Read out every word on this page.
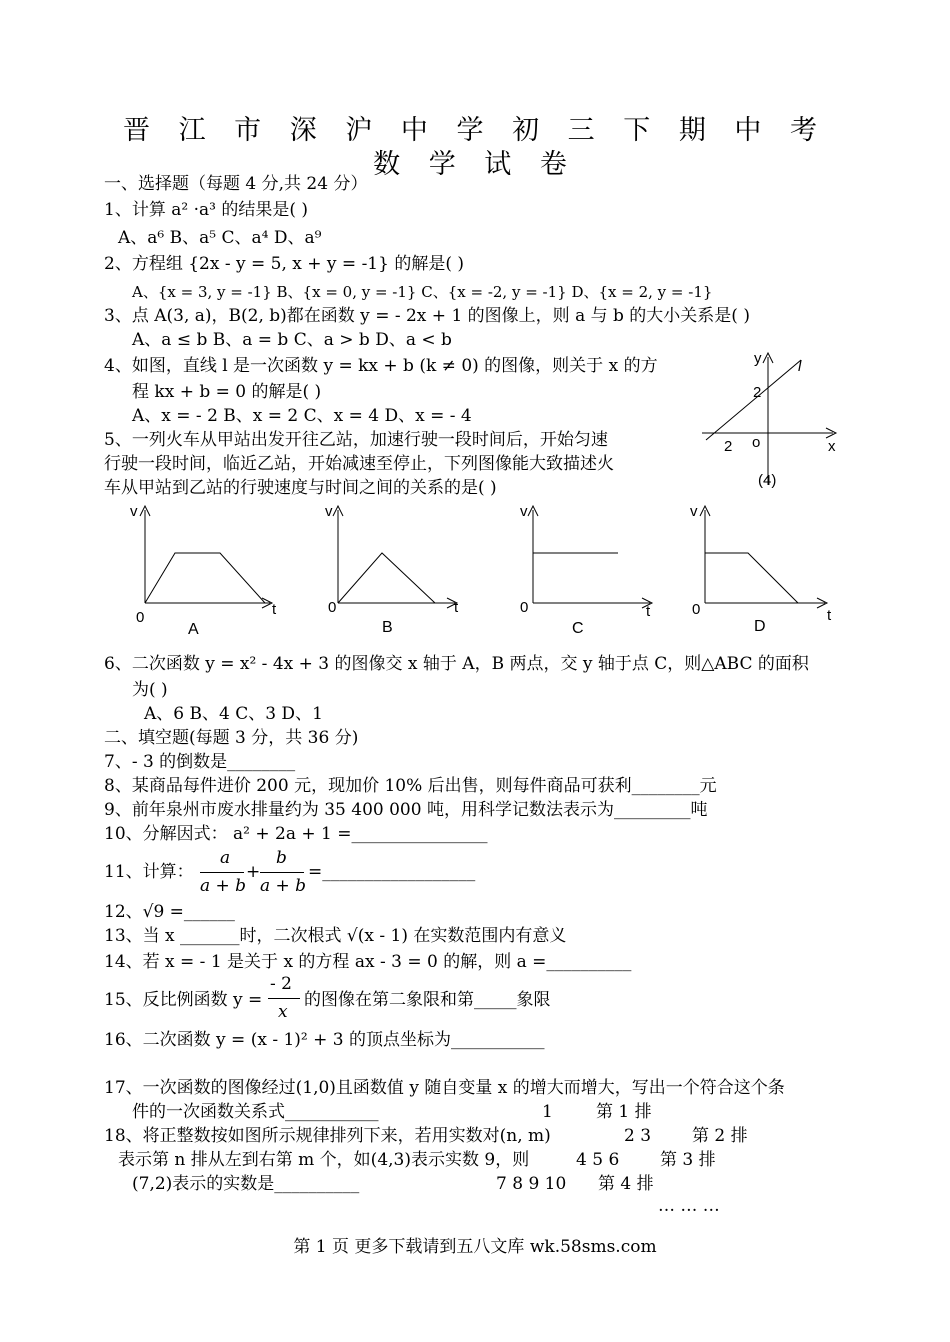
晋 江 市 深 沪 中 学 初 三 下 期 中 考
数 学 试 卷
一、选择题（每题 4 分,共 24 分）
1、计算 a² ·a³ 的结果是( )
A、a⁶ B、a⁵ C、a⁴ D、a⁹
2、方程组 {2x - y = 5, x + y = -1} 的解是( )
A、{x = 3, y = -1} B、{x = 0, y = -1} C、{x = -2, y = -1} D、{x = 2, y = -1}
3、点 A(3, a)，B(2, b)都在函数 y = - 2x + 1 的图像上，则 a 与 b 的大小关系是( )
A、a ≤ b B、a = b C、a > b D、a < b
4、如图，直线 l 是一次函数 y = kx + b (k ≠ 0) 的图像，则关于 x 的方
程 kx + b = 0 的解是( )
A、x = - 2 B、x = 2 C、x = 4 D、x = - 4
y l
2
2 o	x
(4)
5、一列火车从甲站出发开往乙站，加速行驶一段时间后，开始匀速
行驶一段时间，临近乙站，开始减速至停止，下列图像能大致描述火
车从甲站到乙站的行驶速度与时间之间的关系的是( )
v
0	t
A
v
0	t
B
v
0	t
C
v
0	t
D
6、二次函数 y = x² - 4x + 3 的图像交 x 轴于 A，B 两点，交 y 轴于点 C，则△ABC 的面积
为( )
A、6 B、4 C、3 D、1
二、填空题(每题 3 分，共 36 分)
7、- 3 的倒数是________
8、某商品每件进价 200 元，现加价 10% 后出售，则每件商品可获利________元
9、前年泉州市废水排量约为 35 400 000 吨，用科学记数法表示为_________吨
10、分解因式： a² + 2a + 1 =________________
11、计算：
a
a + b
+
b
a + b
=__________________
12、√9 =______
13、当 x _______时，二次根式 √(x - 1) 在实数范围内有意义
14、若 x = - 1 是关于 x 的方程 ax - 3 = 0 的解，则 a =__________
15、反比例函数 y =
- 2
x
的图像在第二象限和第_____象限
16、二次函数 y = (x - 1)² + 3 的顶点坐标为___________
17、一次函数的图像经过(1,0)且函数值 y 随自变量 x 的增大而增大，写出一个符合这个条
件的一次函数关系式___________
18、将正整数按如图所示规律排列下来，若用实数对(n, m)
表示第 n 排从左到右第 m 个，如(4,3)表示实数 9，则
(7,2)表示的实数是__________
1	第 1 排
2 3 第 2 排
4 5 6 第 3 排
7 8 9 10 第 4 排
… … …
第 1 页 更多下载请到五八文库 wk.58sms.com
